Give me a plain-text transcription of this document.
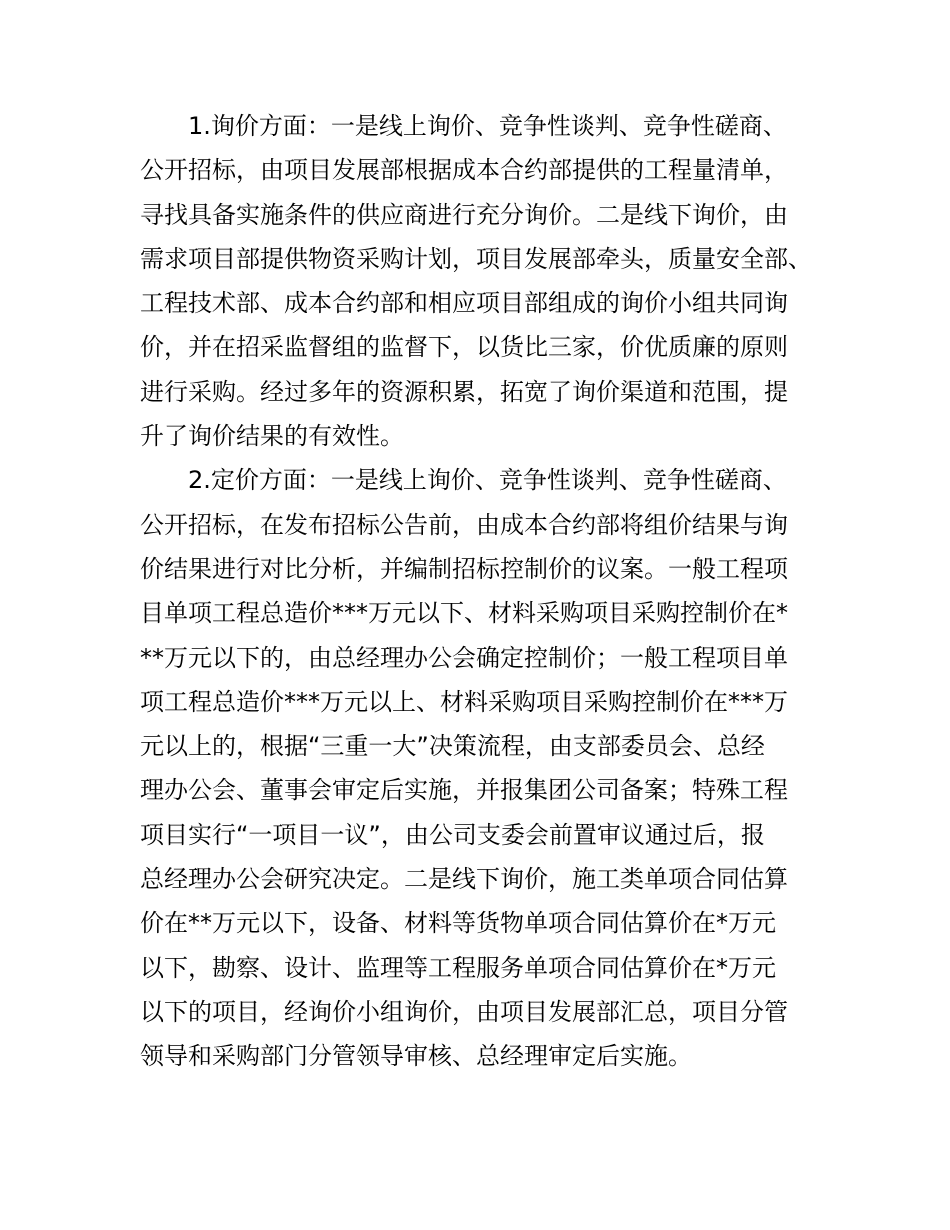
1.询价方面：一是线上询价、竞争性谈判、竞争性磋商、
公开招标，由项目发展部根据成本合约部提供的工程量清单，
寻找具备实施条件的供应商进行充分询价。二是线下询价，由
需求项目部提供物资采购计划，项目发展部牵头，质量安全部、
工程技术部、成本合约部和相应项目部组成的询价小组共同询
价，并在招采监督组的监督下，以货比三家，价优质廉的原则
进行采购。经过多年的资源积累，拓宽了询价渠道和范围，提
升了询价结果的有效性。
2.定价方面：一是线上询价、竞争性谈判、竞争性磋商、
公开招标，在发布招标公告前，由成本合约部将组价结果与询
价结果进行对比分析，并编制招标控制价的议案。一般工程项
目单项工程总造价***万元以下、材料采购项目采购控制价在*
**万元以下的，由总经理办公会确定控制价；一般工程项目单
项工程总造价***万元以上、材料采购项目采购控制价在***万
元以上的，根据“三重一大”决策流程，由支部委员会、总经
理办公会、董事会审定后实施，并报集团公司备案；特殊工程
项目实行“一项目一议”，由公司支委会前置审议通过后，报
总经理办公会研究决定。二是线下询价，施工类单项合同估算
价在**万元以下，设备、材料等货物单项合同估算价在*万元
以下，勘察、设计、监理等工程服务单项合同估算价在*万元
以下的项目，经询价小组询价，由项目发展部汇总，项目分管
领导和采购部门分管领导审核、总经理审定后实施。
